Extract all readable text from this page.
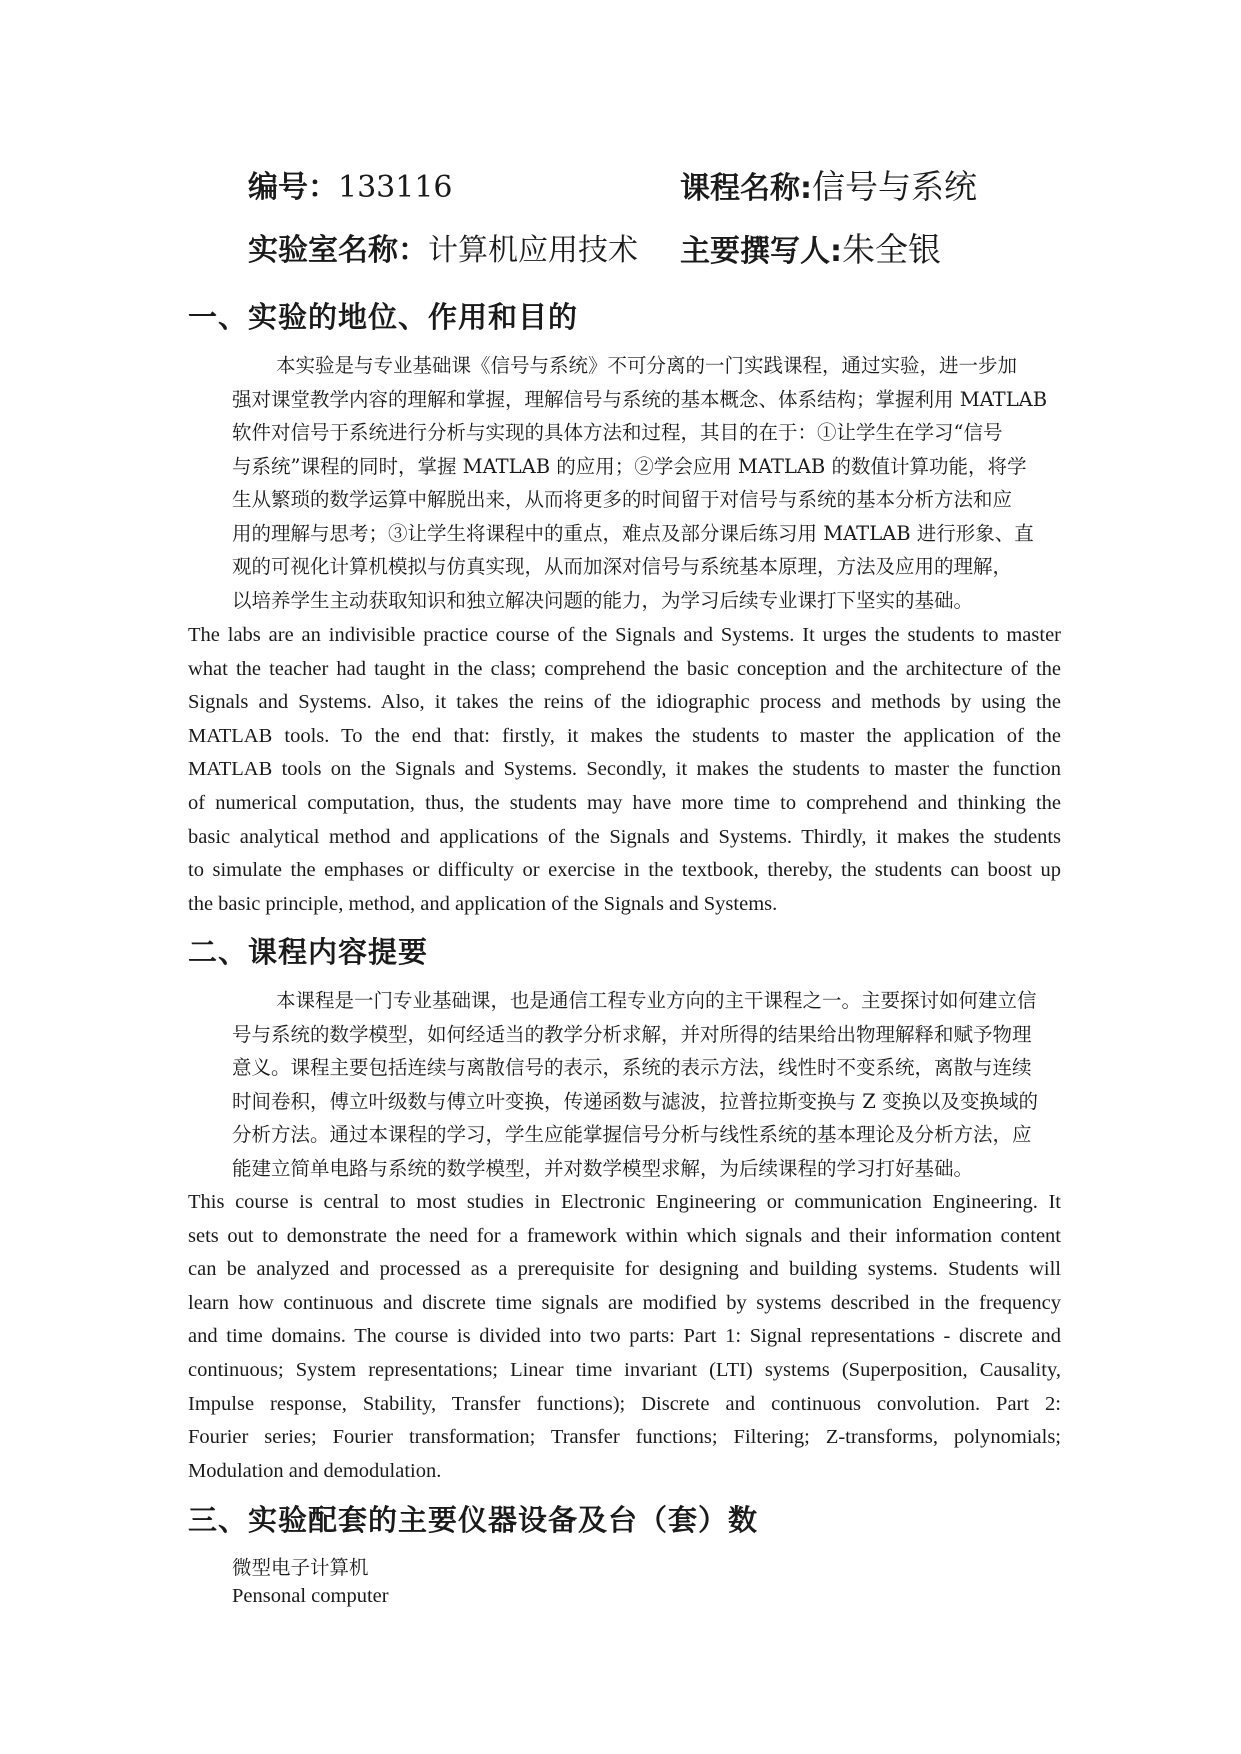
编号： 133116	课程名称: 信号与系统
实验室名称： 计算机应用技术 主要撰写人: 朱全银
一、实验的地位、作用和目的
本实验是与专业基础课《信号与系统》不可分离的一门实践课程，通过实验，进一步加
强对课堂教学内容的理解和掌握，理解信号与系统的基本概念、体系结构；掌握利用 MATLAB
软件对信号于系统进行分析与实现的具体方法和过程，其目的在于：①让学生在学习“信号
与系统”课程的同时，掌握 MATLAB 的应用；②学会应用 MATLAB 的数值计算功能，将学
生从繁琐的数学运算中解脱出来，从而将更多的时间留于对信号与系统的基本分析方法和应
用的理解与思考；③让学生将课程中的重点，难点及部分课后练习用 MATLAB 进行形象、直
观的可视化计算机模拟与仿真实现，从而加深对信号与系统基本原理，方法及应用的理解，
以培养学生主动获取知识和独立解决问题的能力，为学习后续专业课打下坚实的基础。
The labs are an indivisible practice course of the Signals and Systems. It urges the students to master
what the teacher had taught in the class; comprehend the basic conception and the architecture of the
Signals and Systems. Also, it takes the reins of the idiographic process and methods by using the
MATLAB tools. To the end that: firstly, it makes the students to master the application of the
MATLAB tools on the Signals and Systems. Secondly, it makes the students to master the function
of numerical computation, thus, the students may have more time to comprehend and thinking the
basic analytical method and applications of the Signals and Systems. Thirdly, it makes the students
to simulate the emphases or difficulty or exercise in the textbook, thereby, the students can boost up
the basic principle, method, and application of the Signals and Systems.
二、课程内容提要
本课程是一门专业基础课，也是通信工程专业方向的主干课程之一。主要探讨如何建立信
号与系统的数学模型，如何经适当的教学分析求解，并对所得的结果给出物理解释和赋予物理
意义。课程主要包括连续与离散信号的表示，系统的表示方法，线性时不变系统，离散与连续
时间卷积，傅立叶级数与傅立叶变换，传递函数与滤波，拉普拉斯变换与 Z 变换以及变换域的
分析方法。通过本课程的学习，学生应能掌握信号分析与线性系统的基本理论及分析方法，应
能建立简单电路与系统的数学模型，并对数学模型求解，为后续课程的学习打好基础。
This course is central to most studies in Electronic Engineering or communication Engineering. It
sets out to demonstrate the need for a framework within which signals and their information content
can be analyzed and processed as a prerequisite for designing and building systems. Students will
learn how continuous and discrete time signals are modified by systems described in the frequency
and time domains. The course is divided into two parts: Part 1: Signal representations - discrete and
continuous; System representations; Linear time invariant (LTI) systems (Superposition, Causality,
Impulse response, Stability, Transfer functions); Discrete and continuous convolution. Part 2:
Fourier series; Fourier transformation; Transfer functions; Filtering; Z-transforms, polynomials;
Modulation and demodulation.
三、实验配套的主要仪器设备及台（套）数

微型电子计算机

Pensonal computer
